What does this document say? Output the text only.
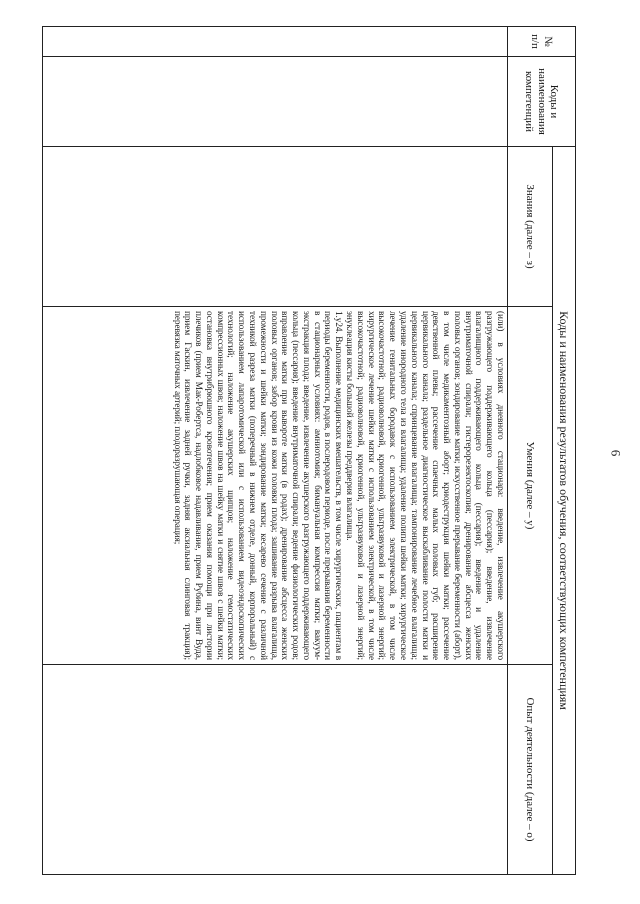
6
№ п/п	Коды и наименования компетенций	Коды и наименования результатов обучения, соответствующих компетенциям		
		Знания (далее – з)	Умения (далее – у)	Опыт деятельности (далее – о)

			(или) в условиях дневного стационара: введение, извлечение акушерского разгружающего поддерживающего кольца (пессария); введение, извлечение влагалищного поддерживающего кольца (пессария); введение и удаление внутриматочной спирали; гистерорезектоскопия; дренирование абсцесса женских половых органов; зондирование матки; искусственное прерывание беременности (аборт), в том числе медикаментозный аборт; криодеструкция шейки матки; рассечение девственной плевы; рассечение спаечных малых половых губ; расширение цервикального канала; раздельное диагностическое выскабливание полости матки и цервикального канала; спринцевание влагалища; тампонирование лечебное влагалища; удаление инородного тела из влагалища; удаление полипа шейки матки; хирургическое лечение генитальных бородавок с использованием электрической, в том числе высокочастотной; радиоволновой, криогенной, ультразвуковой и лазерной энергий; хирургическое лечение шейки матки с использованием электрической, в том числе высокочастотной; радиоволновой, криогенной, ультразвуковой и лазерной энергий; энуклеация кисты большой железы преддверия влагалища.

1.у24. Выполнение медицинских вмешательств, в том числе хирургических, пациентам в периоды беременности, родов, в послеродовом периоде, после прерывания беременности в стационарных условиях: амниотомия; бимануальная компрессия матки; вакуум-экстракция плода; введение, извлечение акушерского разгружающего поддерживающего кольца (пессария); введение внутриматочной спирали; ведение физиологических родов; вправление матки при вывороте матки (в родах); дренирование абсцесса женских половых органов; забор крови из кожи головки плода; зашивание разрыва влагалища, промежности и шейки матки; зондирование матки; кесарево сечение с различной техникой разреза матки (поперечный в нижнем отделе, донный, корпоральный) с использованием лапаротомической или с использованием видеоэндоскопических технологий; наложение акушерских щипцов; наложение гемостатических компрессионных швов; наложение швов на шейку матки и снятие швов с шейки матки; остановка внутрибрюшного кровотечения; прием оказания помощи при листории плечиков (прием Мак-Робертса, надлобковое надавливание, прием Рубина, винт Вуда, прием Гаскин, извлечение задней ручки, задняя аксиальная слинговая тракция); перевязка маточных артерий; плодоразрушающая операция;	
